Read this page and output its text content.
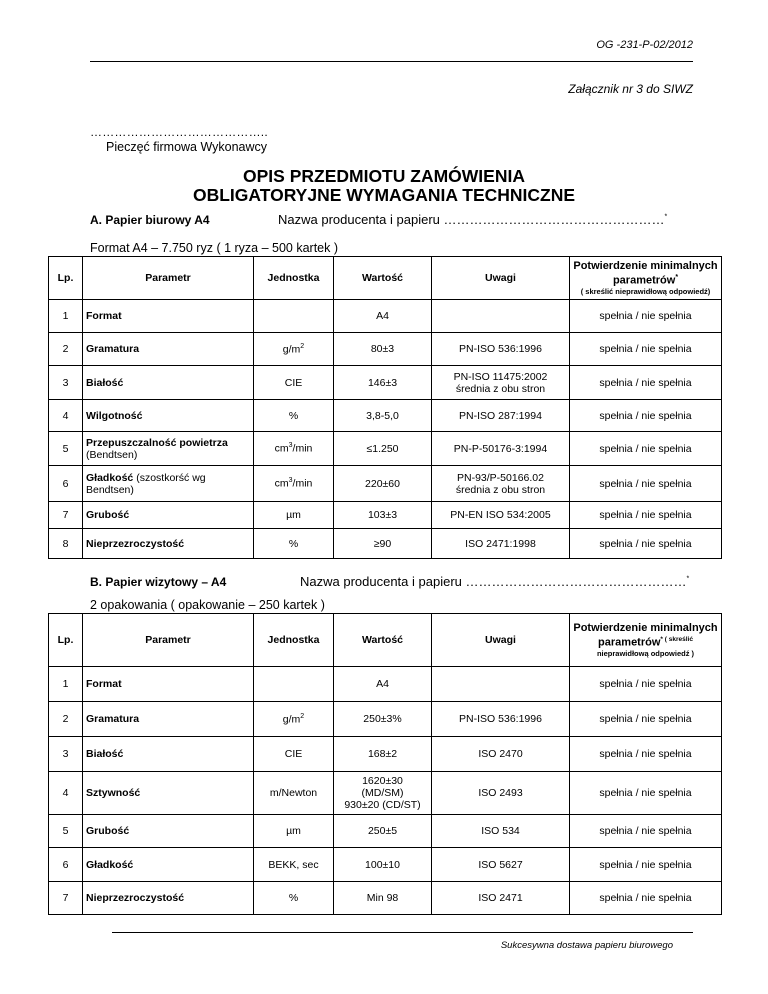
OG -231-P-02/2012
Załącznik nr 3 do SIWZ
……………………………………..
Pieczęć firmowa Wykonawcy
OPIS PRZEDMIOTU ZAMÓWIENIA
OBLIGATORYJNE WYMAGANIA TECHNICZNE
A. Papier biurowy A4	Nazwa producenta i papieru ……………………………………………*
Format A4 – 7.750 ryz ( 1 ryza – 500 kartek )
Lp.	Parametr	Jednostka	Wartość	Uwagi	Potwierdzenie minimalnych parametrów*
( skreślić nieprawidłową odpowiedź)

1	Format		A4		spełnia / nie spełnia
2	Gramatura	$g/m^2$	80±3	PN-ISO 536:1996	spełnia / nie spełnia
3	Białość	CIE	146±3	PN-ISO 11475:2002
średnia z obu stron	spełnia / nie spełnia
4	Wilgotność	%	3,8-5,0	PN-ISO 287:1994	spełnia / nie spełnia
5	Przepuszczalność powietrza
(Bendtsen)	$cm^3/\min$	≤1.250	PN-P-50176-3:1994	spełnia / nie spełnia
6	Gładkość (szostkorść wg Bendtsen)	$cm^3/\min$	220±60	PN-93/P-50166.02
średnia z obu stron	spełnia / nie spełnia
7	Grubość	µm	103±3	PN-EN ISO 534:2005	spełnia / nie spełnia
8	Nieprzezroczystość	%	≥90	ISO 2471:1998	spełnia / nie spełnia
B. Papier wizytowy – A4	Nazwa producenta i papieru ……………………………………………*
2 opakowania ( opakowanie – 250 kartek )
Lp.	Parametr	Jednostka	Wartość	Uwagi	Potwierdzenie minimalnych parametrów$^{* ( skreślić}$
nieprawidłową odpowiedź )

1	Format		A4		spełnia / nie spełnia
2	Gramatura	$g/m^2$	250±3%	PN-ISO 536:1996	spełnia / nie spełnia
3	Białość	CIE	168±2	ISO 2470	spełnia / nie spełnia
4	Sztywność	m/Newton	1620±30
(MD/SM)
930±20 (CD/ST)	ISO 2493	spełnia / nie spełnia
5	Grubość	µm	250±5	ISO 534	spełnia / nie spełnia
6	Gładkość	BEKK, sec	100±10	ISO 5627	spełnia / nie spełnia
7	Nieprzezroczystość	%	Min 98	ISO 2471	spełnia / nie spełnia
Sukcesywna dostawa papieru biurowego
